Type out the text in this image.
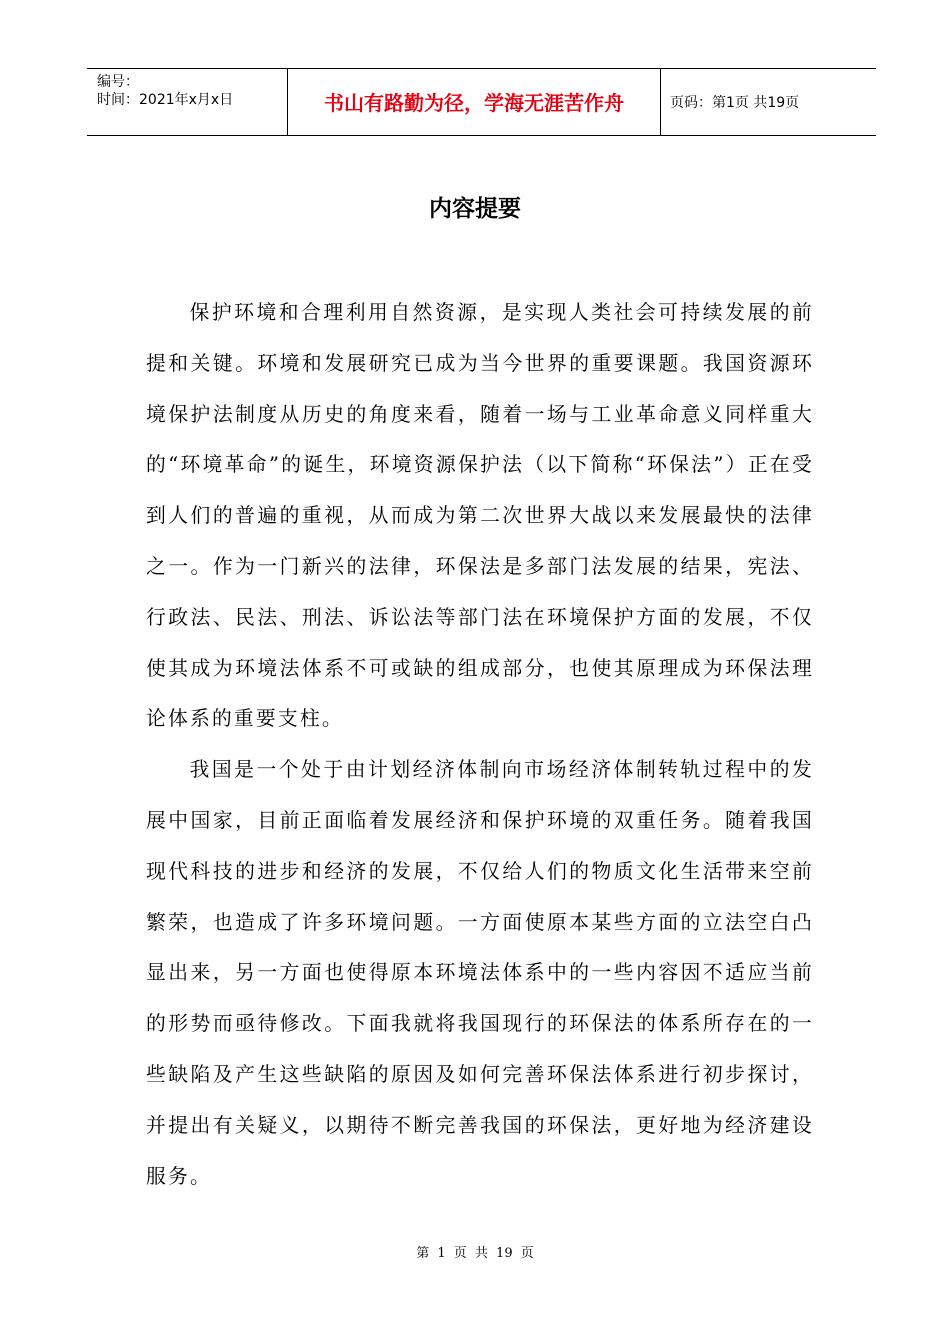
编号：
时间：2021年x月x日	书山有路勤为径，学海无涯苦作舟	页码：第1页 共19页
内容提要

保护环境和合理利用自然资源，是实现人类社会可持续发展的前提和关键。环境和发展研究已成为当今世界的重要课题。我国资源环境保护法制度从历史的角度来看，随着一场与工业革命意义同样重大的“环境革命”的诞生，环境资源保护法（以下简称“环保法”）正在受到人们的普遍的重视，从而成为第二次世界大战以来发展最快的法律之一。作为一门新兴的法律，环保法是多部门法发展的结果，宪法、行政法、民法、刑法、诉讼法等部门法在环境保护方面的发展，不仅使其成为环境法体系不可或缺的组成部分，也使其原理成为环保法理论体系的重要支柱。

我国是一个处于由计划经济体制向市场经济体制转轨过程中的发展中国家，目前正面临着发展经济和保护环境的双重任务。随着我国现代科技的进步和经济的发展，不仅给人们的物质文化生活带来空前繁荣，也造成了许多环境问题。一方面使原本某些方面的立法空白凸显出来，另一方面也使得原本环境法体系中的一些内容因不适应当前的形势而亟待修改。下面我就将我国现行的环保法的体系所存在的一些缺陷及产生这些缺陷的原因及如何完善环保法体系进行初步探讨，并提出有关疑义，以期待不断完善我国的环保法，更好地为经济建设服务。

第 1 页 共 19 页
